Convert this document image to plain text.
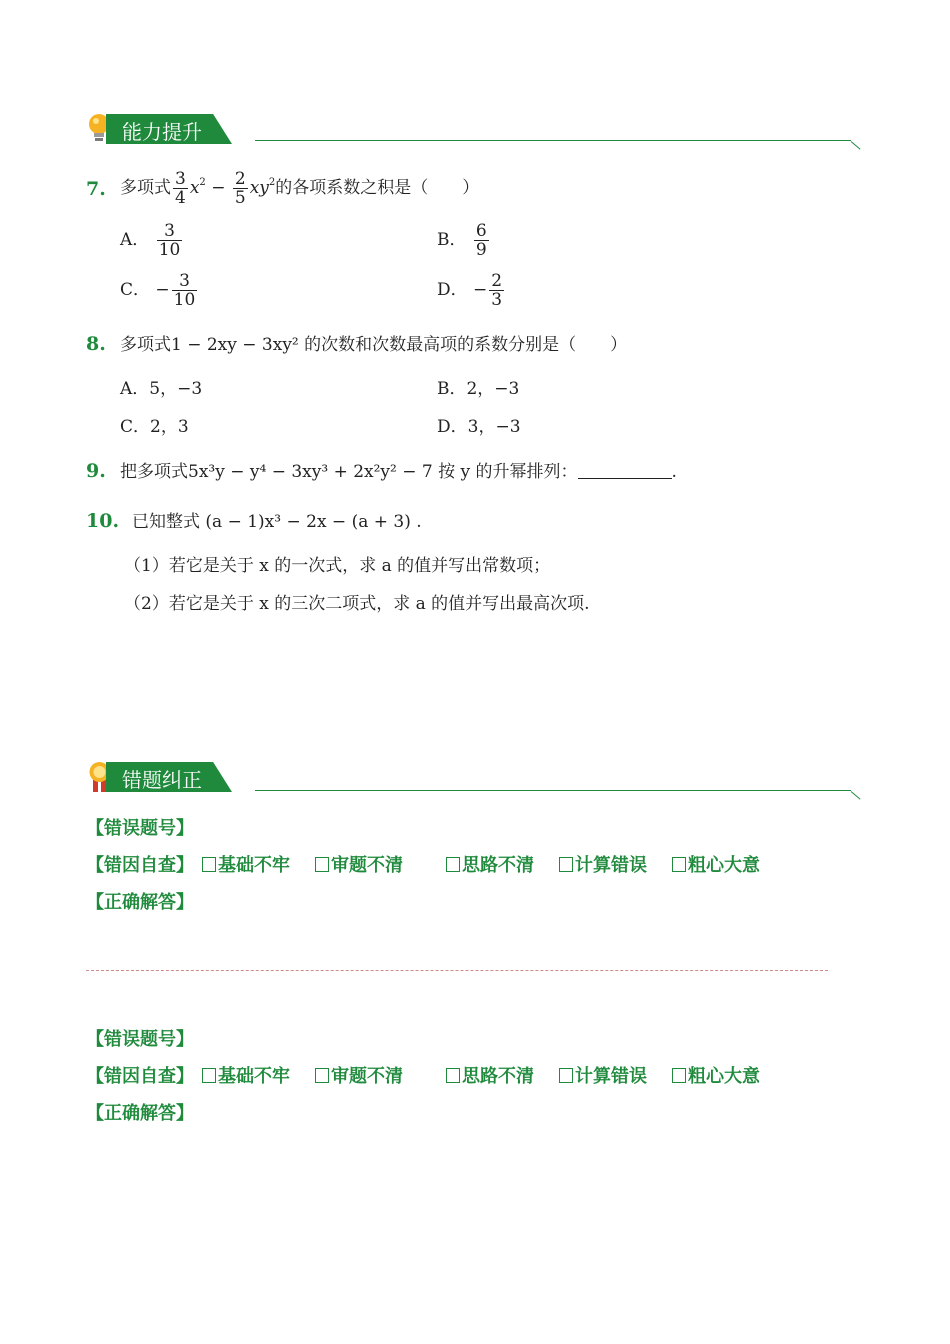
能力提升
7. 多项式 $\frac{3}{4} x^2 - \frac{2}{5} xy^2$的各项系数之积是（　　）
A． $\frac{3}{10}$	B． $\frac{6}{9}$
C． − $\frac{3}{10}$	D． − $\frac{2}{3}$
8. 多项式1 − 2xy − 3xy² 的次数和次数最高项的系数分别是（　　）
A．5，−3	B．2，−3
C．2，3	D．3，−3
9. 把多项式5x³y − y⁴ − 3xy³ + 2x²y² − 7 按 y 的升幂排列：	.
10. 已知整式 (a − 1)x³ − 2x − (a + 3) .
（1）若它是关于 x 的一次式，求 a 的值并写出常数项；
（2）若它是关于 x 的三次二项式，求 a 的值并写出最高次项.
错题纠正
【错误题号】
【错因自查】	基础不牢	审题不清	思路不清	计算错误	粗心大意
【正确解答】
【错误题号】
【错因自查】	基础不牢	审题不清	思路不清	计算错误	粗心大意
【正确解答】
